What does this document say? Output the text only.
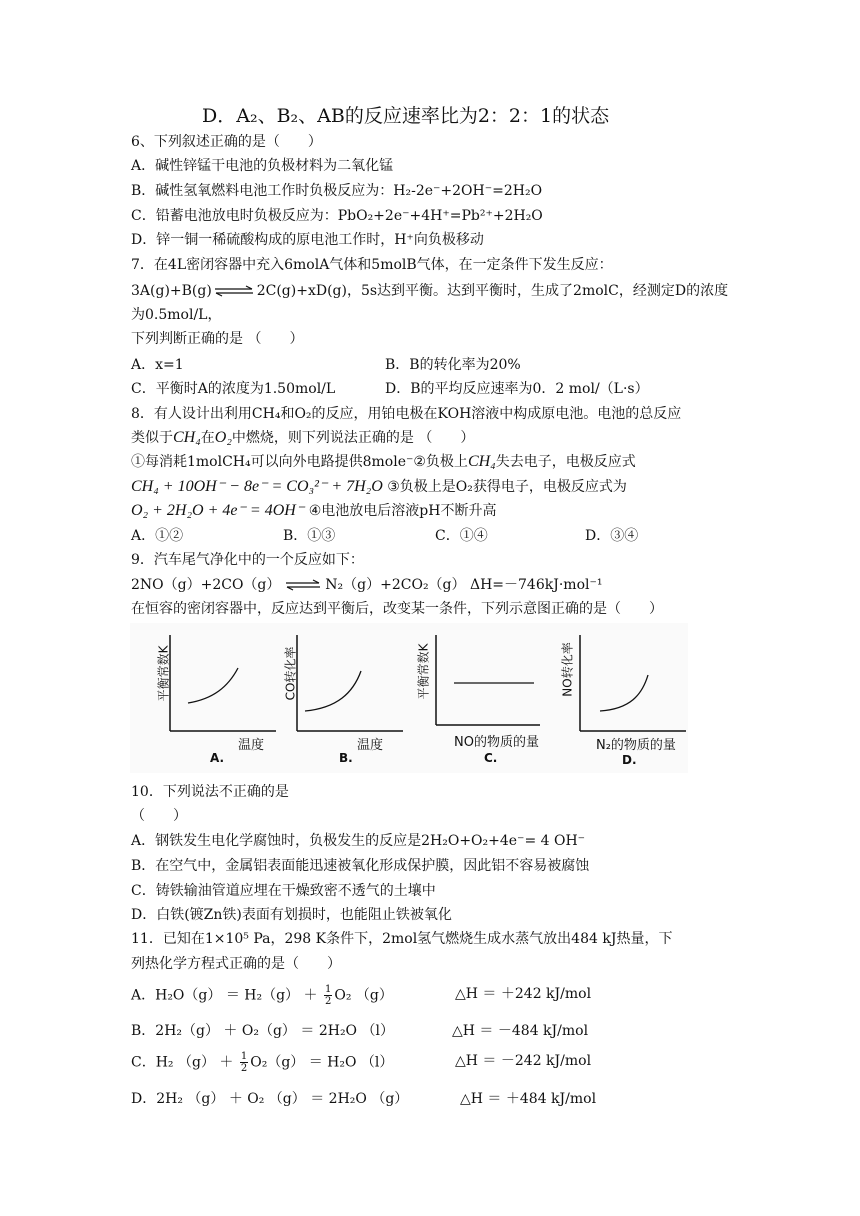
D．A₂、B₂、AB的反应速率比为2：2：1的状态
6、下列叙述正确的是（　　）
A．碱性锌锰干电池的负极材料为二氧化锰
B．碱性氢氧燃料电池工作时负极反应为：H₂-2e⁻+2OH⁻=2H₂O
C．铅蓄电池放电时负极反应为：PbO₂+2e⁻+4H⁺=Pb²⁺+2H₂O
D．锌一铜一稀硫酸构成的原电池工作时，H⁺向负极移动
7．在4L密闭容器中充入6molA气体和5molB气体，在一定条件下发生反应：
3A(g)+B(g) ⇌ 2C(g)+xD(g)，5s达到平衡。达到平衡时，生成了2molC，经测定D的浓度
为0.5mol/L，
下列判断正确的是 （　　）
A．x=1	B．B的转化率为20%
C．平衡时A的浓度为1.50mol/L	D．B的平均反应速率为0．2 mol/（L·s）
8．有人设计出利用CH₄和O₂的反应，用铂电极在KOH溶液中构成原电池。电池的总反应
类似于CH₄在O₂中燃烧，则下列说法正确的是 （　　）
①每消耗1molCH₄可以向外电路提供8mole⁻②负极上CH₄失去电子，电极反应式
CH₄ + 10OH⁻ − 8e⁻ = CO₃²⁻ + 7H₂O ③负极上是O₂获得电子，电极反应式为
O₂ + 2H₂O + 4e⁻ = 4OH⁻ ④电池放电后溶液pH不断升高
A．①②	B．①③	C．①④	D．③④
9．汽车尾气净化中的一个反应如下：
2NO（g）+2CO（g） ⇌ N₂（g）+2CO₂（g） ΔH=－746kJ·mol⁻¹
在恒容的密闭容器中，反应达到平衡后，改变某一条件，下列示意图正确的是（　　）
平衡常数K
温度
A.
CO转化率
温度
B.
平衡常数K
NO的物质的量
C.
NO转化率
N₂的物质的量
D.
10．下列说法不正确的是
（　　）
A．钢铁发生电化学腐蚀时，负极发生的反应是2H₂O+O₂+4e⁻= 4 OH⁻
B．在空气中，金属铝表面能迅速被氧化形成保护膜，因此铝不容易被腐蚀
C．铸铁输油管道应埋在干燥致密不透气的土壤中
D．白铁(镀Zn铁)表面有划损时，也能阻止铁被氧化
11．已知在1×10⁵ Pa，298 K条件下，2mol氢气燃烧生成水蒸气放出484 kJ热量，下
列热化学方程式正确的是（　　）
A．$H_2O(g) = H_2(g) + \frac{1}{2} O_2$ （g）	△H ＝ ＋242 kJ/mol
B．2H₂（g） ＋ O₂（g） ＝ 2H₂O （l）	△H ＝ －484 kJ/mol
C．H₂ $(g) + \frac{1}{2} O_2(g) = H_2O$ （l）	△H ＝ －242 kJ/mol
D．2H₂ （g） ＋ O₂ （g） ＝ 2H₂O （g）	△H ＝ ＋484 kJ/mol
